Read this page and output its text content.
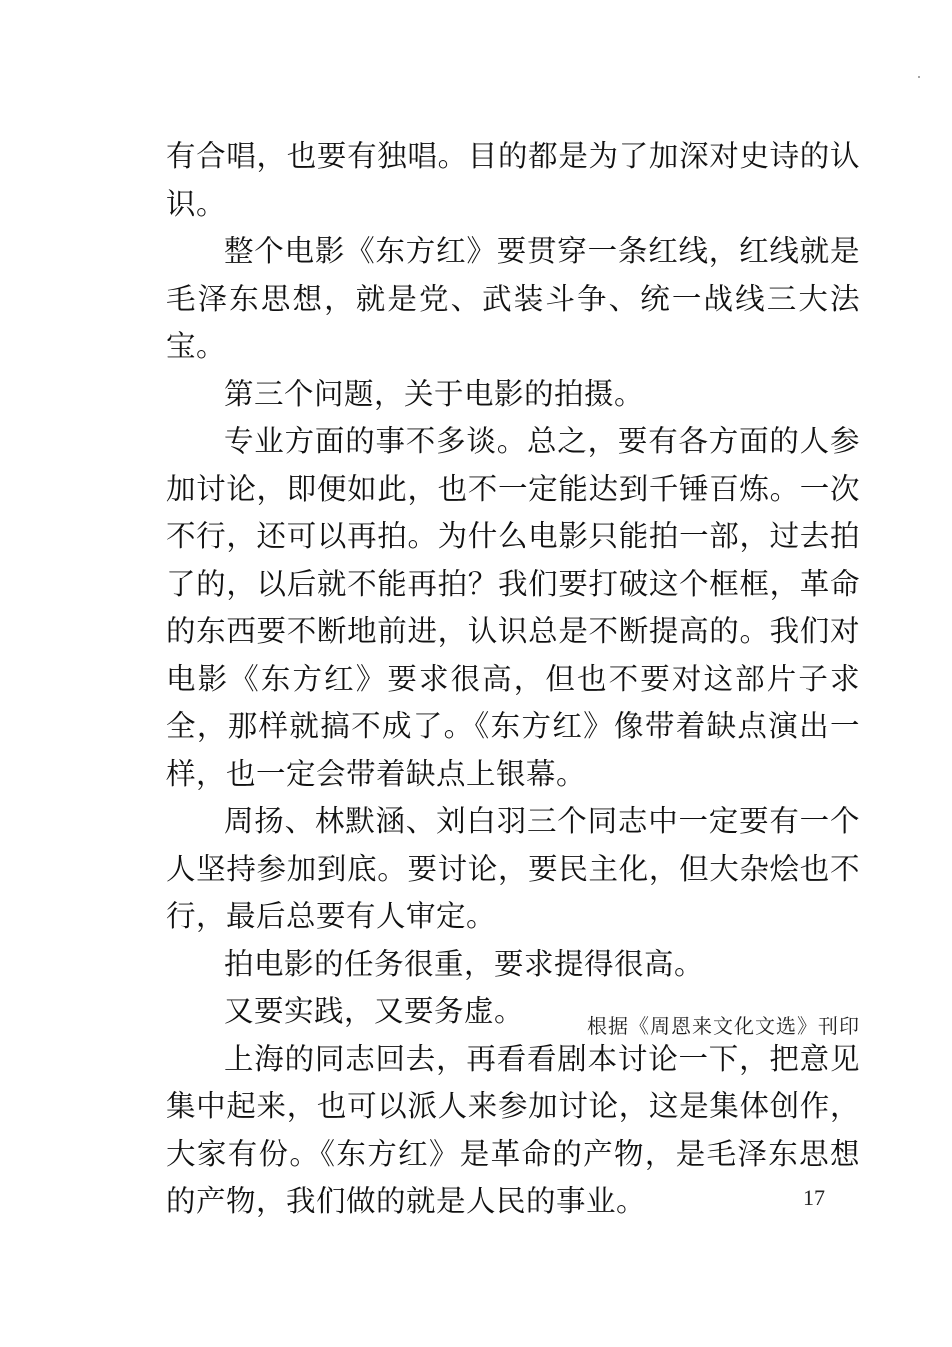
有合唱，也要有独唱。目的都是为了加深对史诗的认识。

整个电影《东方红》要贯穿一条红线，红线就是毛泽东思想，就是党、武装斗争、统一战线三大法宝。

第三个问题，关于电影的拍摄。

专业方面的事不多谈。总之，要有各方面的人参加讨论，即便如此，也不一定能达到千锤百炼。一次不行，还可以再拍。为什么电影只能拍一部，过去拍了的，以后就不能再拍？我们要打破这个框框，革命的东西要不断地前进，认识总是不断提高的。我们对电影《东方红》要求很高，但也不要对这部片子求全，那样就搞不成了。《东方红》像带着缺点演出一样，也一定会带着缺点上银幕。

周扬、林默涵、刘白羽三个同志中一定要有一个人坚持参加到底。要讨论，要民主化，但大杂烩也不行，最后总要有人审定。

拍电影的任务很重，要求提得很高。

又要实践，又要务虚。

上海的同志回去，再看看剧本讨论一下，把意见集中起来，也可以派人来参加讨论，这是集体创作，大家有份。《东方红》是革命的产物，是毛泽东思想的产物，我们做的就是人民的事业。

根据《周恩来文化文选》刊印
17
